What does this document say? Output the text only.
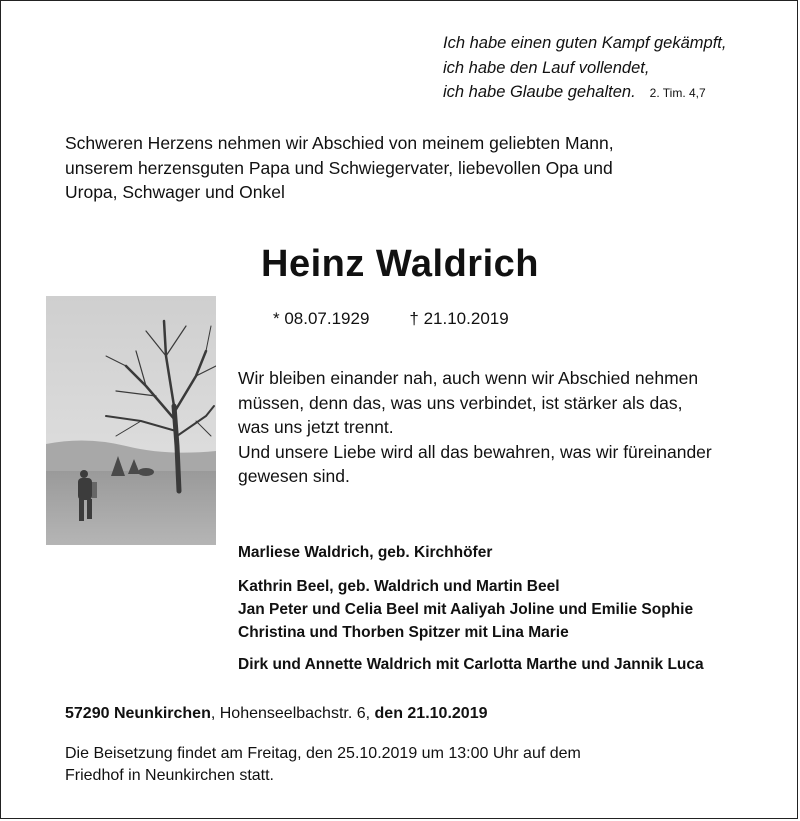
Ich habe einen guten Kampf gekämpft,
ich habe den Lauf vollendet,
ich habe Glaube gehalten. 2. Tim. 4,7
Schweren Herzens nehmen wir Abschied von meinem geliebten Mann,
unserem herzensguten Papa und Schwiegervater, liebevollen Opa und
Uropa, Schwager und Onkel
Heinz Waldrich
* 08.07.1929 † 21.10.2019
Wir bleiben einander nah, auch wenn wir Abschied nehmen
müssen, denn das, was uns verbindet, ist stärker als das,
was uns jetzt trennt.
Und unsere Liebe wird all das bewahren, was wir füreinander
gewesen sind.
Marliese Waldrich, geb. Kirchhöfer
Kathrin Beel, geb. Waldrich und Martin Beel
Jan Peter und Celia Beel mit Aaliyah Joline und Emilie Sophie
Christina und Thorben Spitzer mit Lina Marie
Dirk und Annette Waldrich mit Carlotta Marthe und Jannik Luca
57290 Neunkirchen, Hohenseelbachstr. 6, den 21.10.2019
Die Beisetzung findet am Freitag, den 25.10.2019 um 13:00 Uhr auf dem
Friedhof in Neunkirchen statt.
